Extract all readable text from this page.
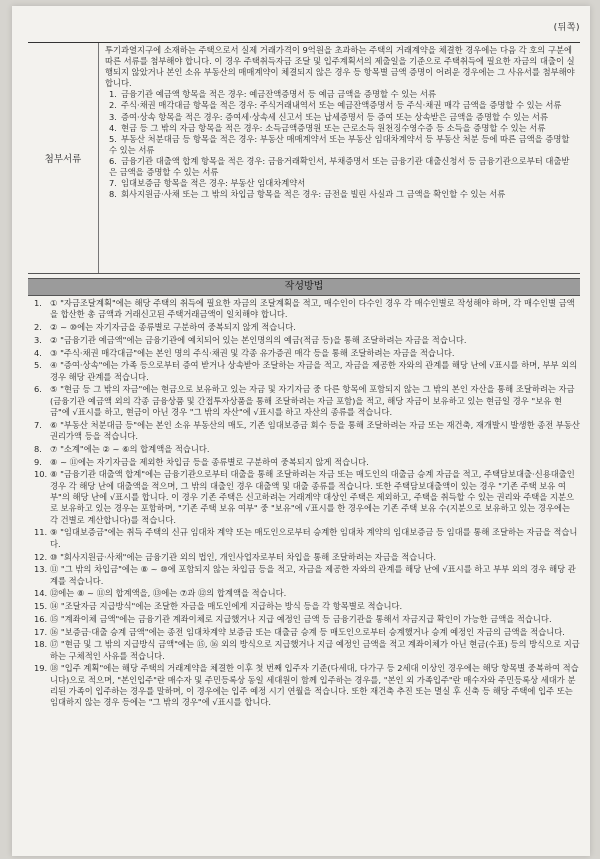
(뒤쪽)
첨부서류

투기과열지구에 소재하는 주택으로서 실제 거래가격이 9억원을 초과하는 주택의 거래계약을 체결한 경우에는 다음 각 호의 구분에 따른 서류를 첨부해야 합니다. 이 경우 주택취득자금 조달 및 입주계획서의 제출일을 기준으로 주택취득에 필요한 자금의 대출이 실행되지 않았거나 본인 소유 부동산의 매매계약이 체결되지 않은 경우 등 항목별 금액 증명이 어려운 경우에는 그 사유서를 첨부해야 합니다.

1. 금융기관 예금액 항목을 적은 경우: 예금잔액증명서 등 예금 금액을 증명할 수 있는 서류
2. 주식·채권 매각대금 항목을 적은 경우: 주식거래내역서 또는 예금잔액증명서 등 주식·채권 매각 금액을 증명할 수 있는 서류
3. 증여·상속 항목을 적은 경우: 증여세·상속세 신고서 또는 납세증명서 등 증여 또는 상속받은 금액을 증명할 수 있는 서류
4. 현금 등 그 밖의 자금 항목을 적은 경우: 소득금액증명원 또는 근로소득 원천징수영수증 등 소득을 증명할 수 있는 서류
5. 부동산 처분대금 등 항목을 적은 경우: 부동산 매매계약서 또는 부동산 임대차계약서 등 부동산 처분 등에 따른 금액을 증명할 수 있는 서류
6. 금융기관 대출액 합계 항목을 적은 경우: 금융거래확인서, 부채증명서 또는 금융기관 대출신청서 등 금융기관으로부터 대출받은 금액을 증명할 수 있는 서류
7. 임대보증금 항목을 적은 경우: 부동산 임대차계약서
8. 회사지원금·사채 또는 그 밖의 차입금 항목을 적은 경우: 금전을 빌린 사실과 그 금액을 확인할 수 있는 서류
작성방법
1. ① "자금조달계획"에는 해당 주택의 취득에 필요한 자금의 조달계획을 적고, 매수인이 다수인 경우 각 매수인별로 작성해야 하며, 각 매수인별 금액을 합산한 총 금액과 거래신고된 주택거래금액이 일치해야 합니다.
2. ② ~ ⑩에는 자기자금을 종류별로 구분하여 중복되지 않게 적습니다.
3. ② "금융기관 예금액"에는 금융기관에 예치되어 있는 본인명의의 예금(적금 등)을 통해 조달하려는 자금을 적습니다.
4. ③ "주식·채권 매각대금"에는 본인 명의 주식·채권 및 각종 유가증권 매각 등을 통해 조달하려는 자금을 적습니다.
5. ④ "증여·상속"에는 가족 등으로부터 증여 받거나 상속받아 조달하는 자금을 적고, 자금을 제공한 자와의 관계를 해당 난에 √표시를 하며, 부부 외의 경우 해당 관계를 적습니다.
6. ⑤ "현금 등 그 밖의 자금"에는 현금으로 보유하고 있는 자금 및 자기자금 중 다른 항목에 포함되지 않는 그 밖의 본인 자산을 통해 조달하려는 자금(금융기관 예금액 외의 각종 금융상품 및 간접투자상품을 통해 조달하려는 자금 포함)을 적고, 해당 자금이 보유하고 있는 현금일 경우 "보유 현금"에 √표시를 하고, 현금이 아닌 경우 "그 밖의 자산"에 √표시를 하고 자산의 종류를 적습니다.
7. ⑥ "부동산 처분대금 등"에는 본인 소유 부동산의 매도, 기존 임대보증금 회수 등을 통해 조달하려는 자금 또는 재건축, 재개발시 발생한 종전 부동산 권리가액 등을 적습니다.
8. ⑦ "소계"에는 ② ~ ⑥의 합계액을 적습니다.
9. ⑧ ~ ⑪에는 자기자금을 제외한 차입금 등을 종류별로 구분하여 중복되지 않게 적습니다.
10. ⑧ "금융기관 대출액 합계"에는 금융기관으로부터 대출을 통해 조달하려는 자금 또는 매도인의 대출금 승계 자금을 적고, 주택담보대출·신용대출인 경우 각 해당 난에 대출액을 적으며, 그 밖의 대출인 경우 대출액 및 대출 종류를 적습니다. 또한 주택담보대출액이 있는 경우 "기존 주택 보유 여부"의 해당 난에 √표시를 합니다. 이 경우 기존 주택은 신고하려는 거래계약 대상인 주택은 제외하고, 주택을 취득할 수 있는 권리와 주택을 지분으로 보유하고 있는 경우는 포함하며, "기존 주택 보유 여부" 중 "보유"에 √표시를 한 경우에는 기존 주택 보유 수(지분으로 보유하고 있는 경우에는 각 건별로 계산합니다)를 적습니다.
11. ⑨ "임대보증금"에는 취득 주택의 신규 임대차 계약 또는 매도인으로부터 승계한 임대차 계약의 임대보증금 등 임대를 통해 조달하는 자금을 적습니다.
12. ⑩ "회사지원금·사채"에는 금융기관 외의 법인, 개인사업자로부터 차입을 통해 조달하려는 자금을 적습니다.
13. ⑪ "그 밖의 차입금"에는 ⑧ ~ ⑩에 포함되지 않는 차입금 등을 적고, 자금을 제공한 자와의 관계를 해당 난에 √표시를 하고 부부 외의 경우 해당 관계를 적습니다.
14. ⑫에는 ⑧ ~ ⑪의 합계액을, ⑬에는 ⑦과 ⑫의 합계액을 적습니다.
15. ⑭ "조달자금 지급방식"에는 조달한 자금을 매도인에게 지급하는 방식 등을 각 항목별로 적습니다.
16. ⑮ "계좌이체 금액"에는 금융기관 계좌이체로 지급했거나 지급 예정인 금액 등 금융기관을 통해서 자금지급 확인이 가능한 금액을 적습니다.
17. ⑯ "보증금·대출 승계 금액"에는 종전 임대차계약 보증금 또는 대출금 승계 등 매도인으로부터 승계했거나 승계 예정인 자금의 금액을 적습니다.
18. ⑰ "현금 및 그 밖의 지급방식 금액"에는 ⑮, ⑯ 외의 방식으로 지급했거나 지급 예정인 금액을 적고 계좌이체가 아닌 현금(수표) 등의 방식으로 지급하는 구체적인 사유를 적습니다.
19. ⑱ "입주 계획"에는 해당 주택의 거래계약을 체결한 이후 첫 번째 입주자 기준(다세대, 다가구 등 2세대 이상인 경우에는 해당 항목별 중복하여 적습니다)으로 적으며, "본인입주"란 매수자 및 주민등록상 동일 세대원이 함께 입주하는 경우를, "본인 외 가족입주"란 매수자와 주민등록상 세대가 분리된 가족이 입주하는 경우를 말하며, 이 경우에는 입주 예정 시기 연월을 적습니다. 또한 재건축 추진 또는 멸실 후 신축 등 해당 주택에 입주 또는 임대하지 않는 경우 등에는 "그 밖의 경우"에 √표시를 합니다.
